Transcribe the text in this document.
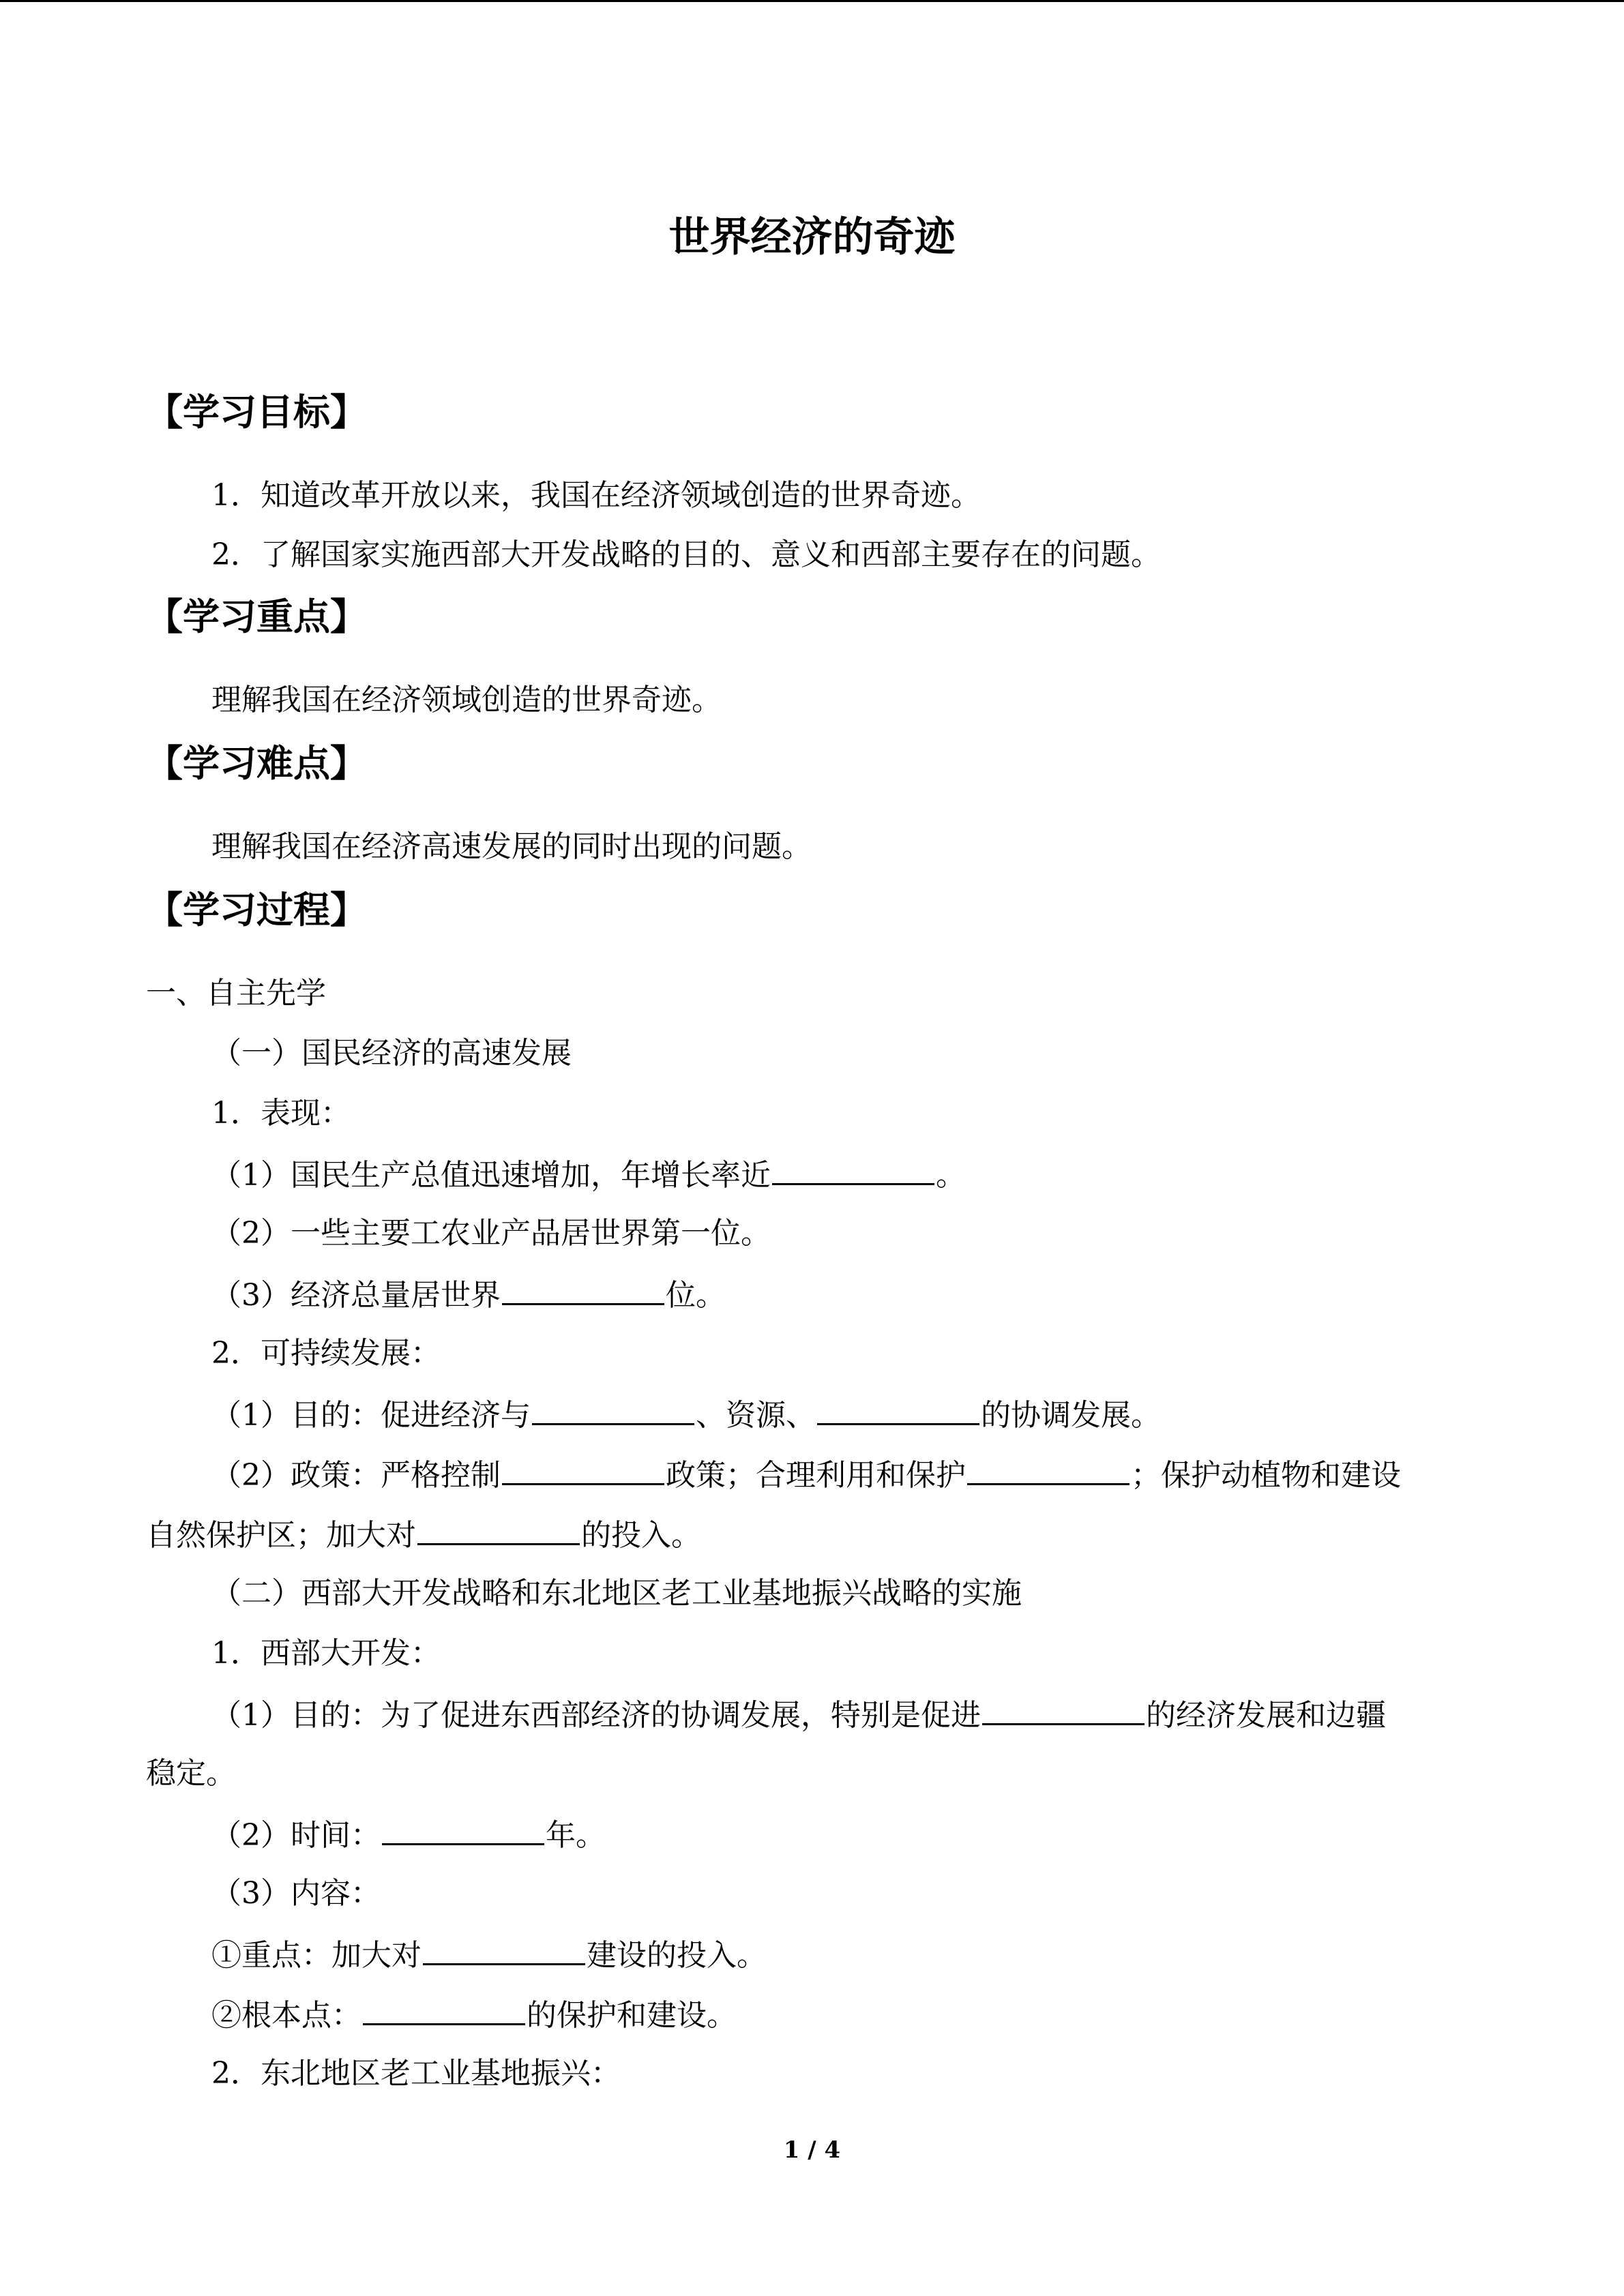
世界经济的奇迹
【学习目标】
1．知道改革开放以来，我国在经济领域创造的世界奇迹。
2．了解国家实施西部大开发战略的目的、意义和西部主要存在的问题。
【学习重点】
理解我国在经济领域创造的世界奇迹。
【学习难点】
理解我国在经济高速发展的同时出现的问题。
【学习过程】
一、自主先学
（一）国民经济的高速发展
1．表现：
（1）国民生产总值迅速增加，年增长率近	。
（2）一些主要工农业产品居世界第一位。
（3）经济总量居世界	位。
2．可持续发展：
（1）目的：促进经济与	、资源、	的协调发展。
（2）政策：严格控制	政策；合理利用和保护	；保护动植物和建设
自然保护区；加大对	的投入。
（二）西部大开发战略和东北地区老工业基地振兴战略的实施
1．西部大开发：
（1）目的：为了促进东西部经济的协调发展，特别是促进	的经济发展和边疆
稳定。
（2）时间：	年。
（3）内容：
①重点：加大对	建设的投入。
②根本点：	的保护和建设。
2．东北地区老工业基地振兴：
1 / 4
